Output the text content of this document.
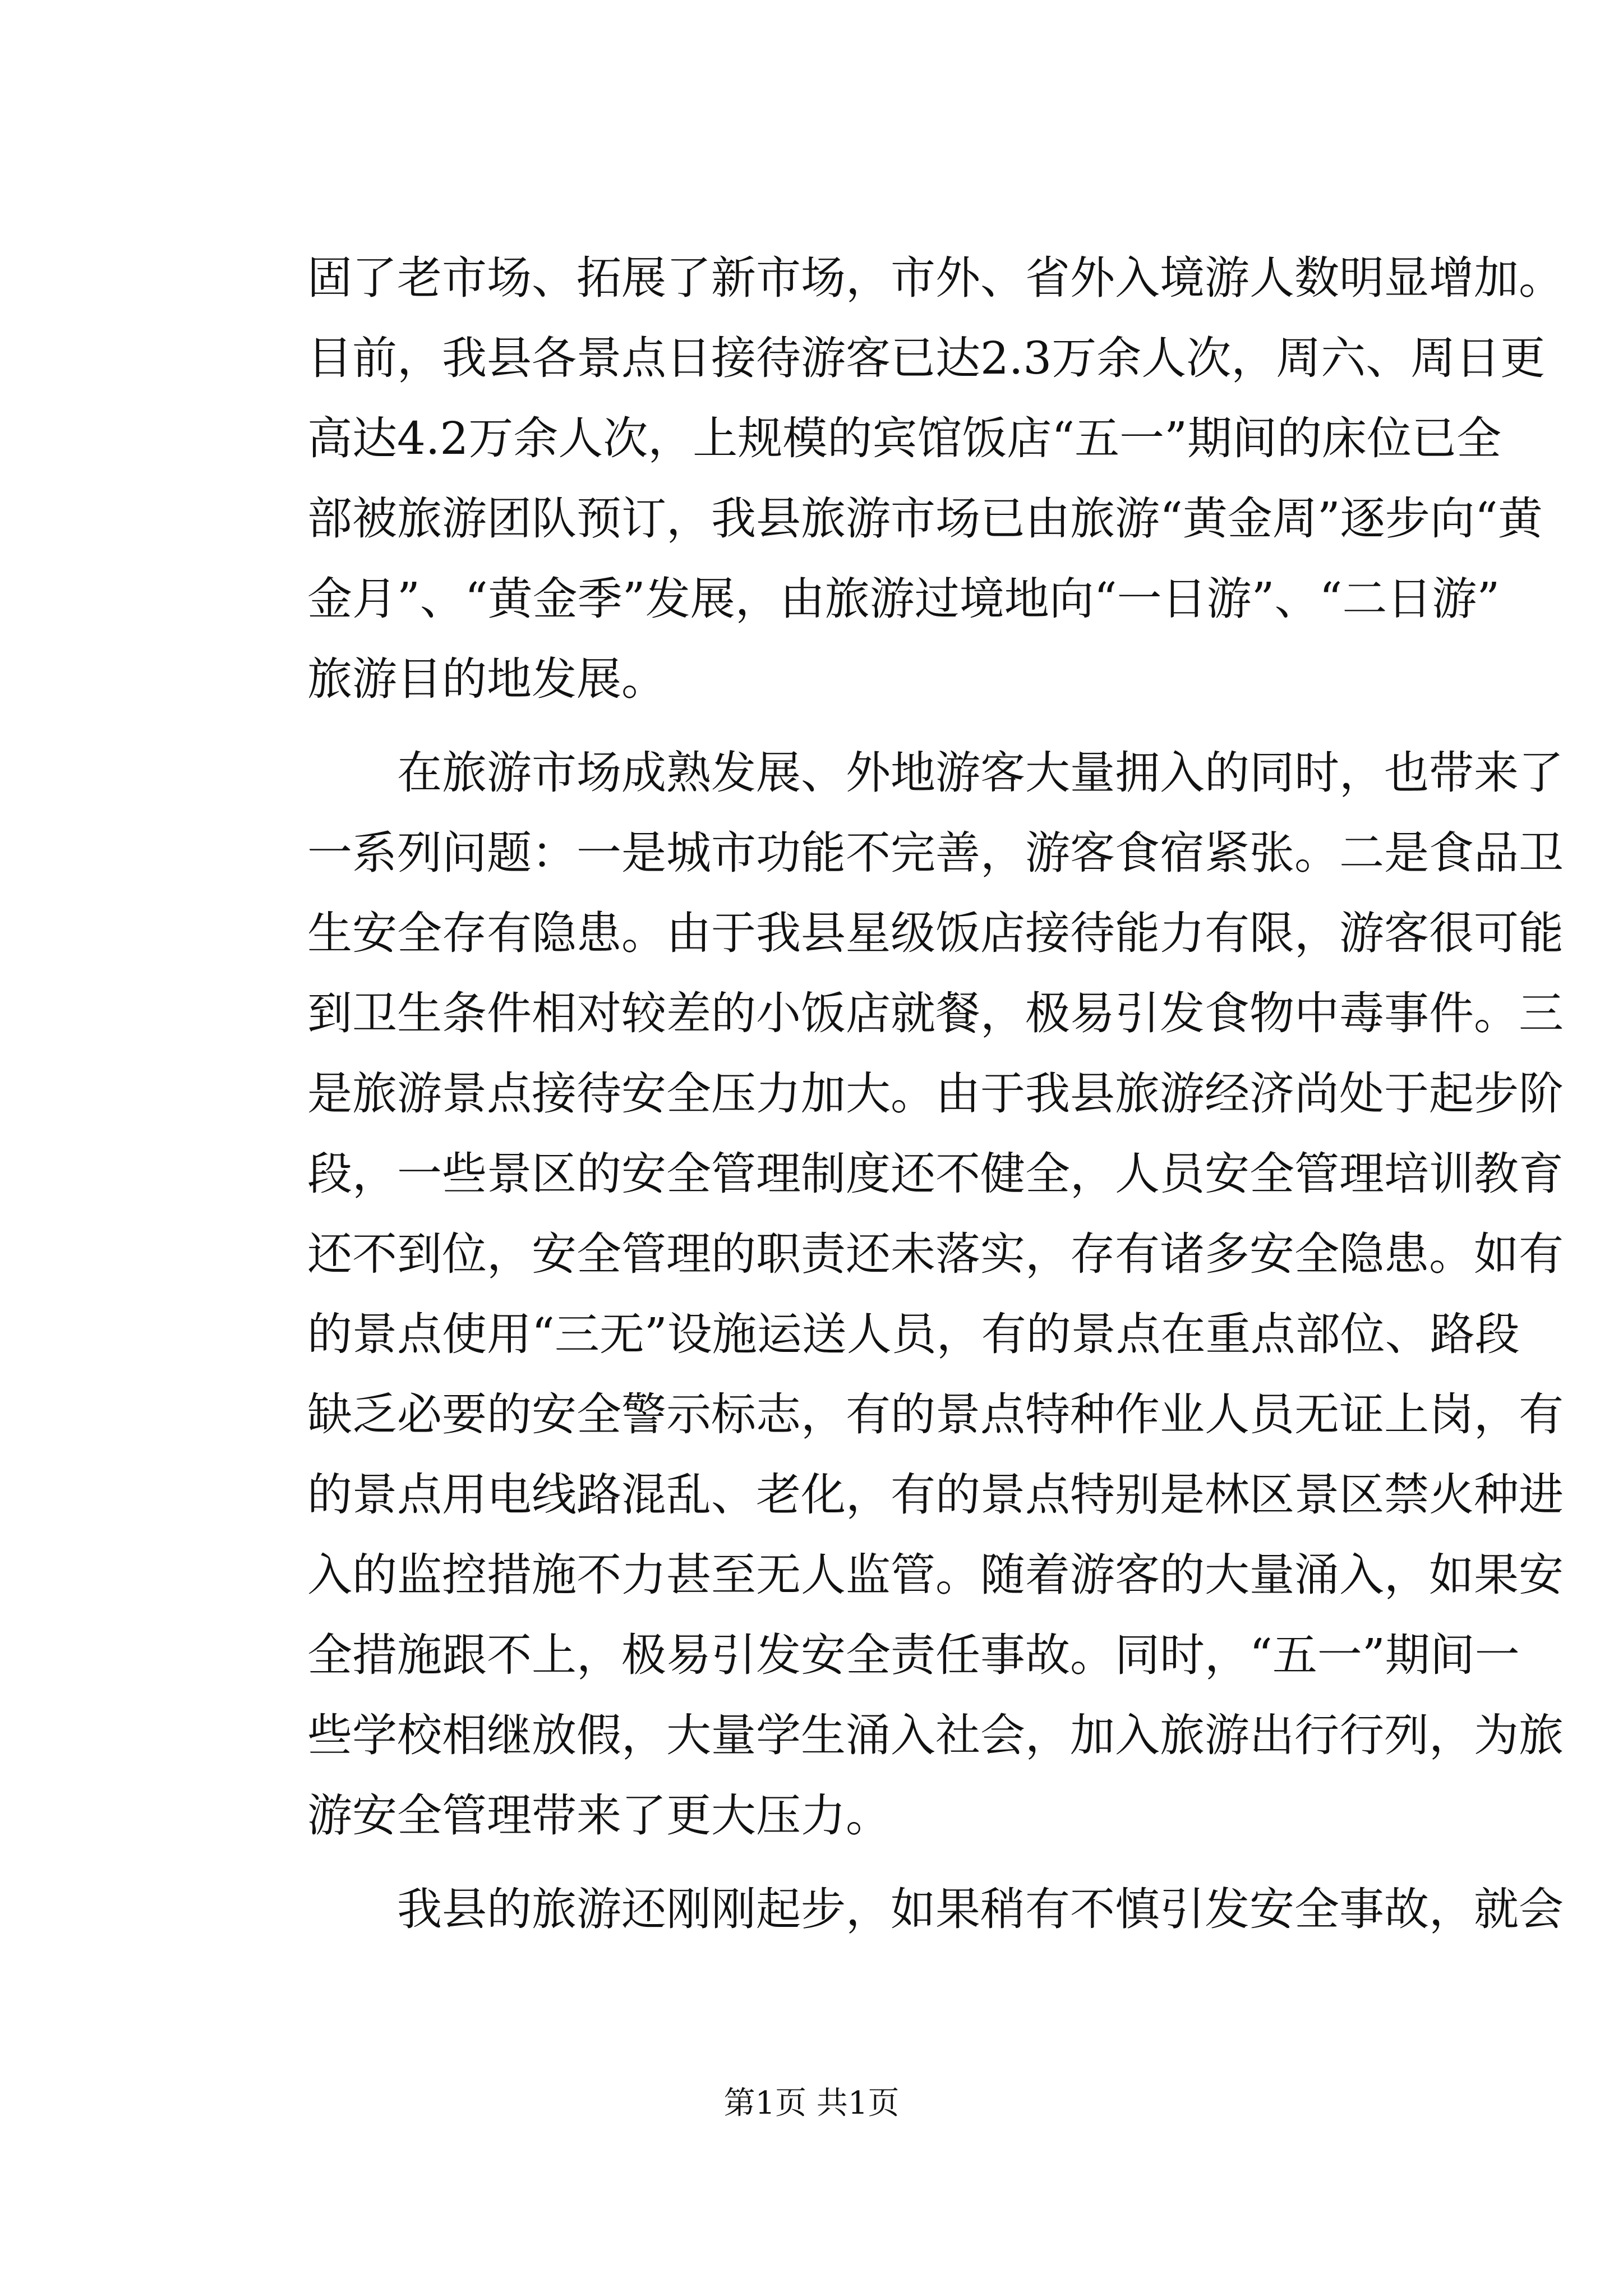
固了老市场、拓展了新市场，市外、省外入境游人数明显增加。
目前，我县各景点日接待游客已达2.3万余人次，周六、周日更
高达4.2万余人次，上规模的宾馆饭店“五一”期间的床位已全
部被旅游团队预订，我县旅游市场已由旅游“黄金周”逐步向“黄
金月”、“黄金季”发展，由旅游过境地向“一日游”、“二日游”
旅游目的地发展。
在旅游市场成熟发展、外地游客大量拥入的同时，也带来了
一系列问题：一是城市功能不完善，游客食宿紧张。二是食品卫
生安全存有隐患。由于我县星级饭店接待能力有限，游客很可能
到卫生条件相对较差的小饭店就餐，极易引发食物中毒事件。三
是旅游景点接待安全压力加大。由于我县旅游经济尚处于起步阶
段，一些景区的安全管理制度还不健全，人员安全管理培训教育
还不到位，安全管理的职责还未落实，存有诸多安全隐患。如有
的景点使用“三无”设施运送人员，有的景点在重点部位、路段
缺乏必要的安全警示标志，有的景点特种作业人员无证上岗，有
的景点用电线路混乱、老化，有的景点特别是林区景区禁火种进
入的监控措施不力甚至无人监管。随着游客的大量涌入，如果安
全措施跟不上，极易引发安全责任事故。同时，“五一”期间一
些学校相继放假，大量学生涌入社会，加入旅游出行行列，为旅
游安全管理带来了更大压力。
我县的旅游还刚刚起步，如果稍有不慎引发安全事故，就会
第1页 共1页
